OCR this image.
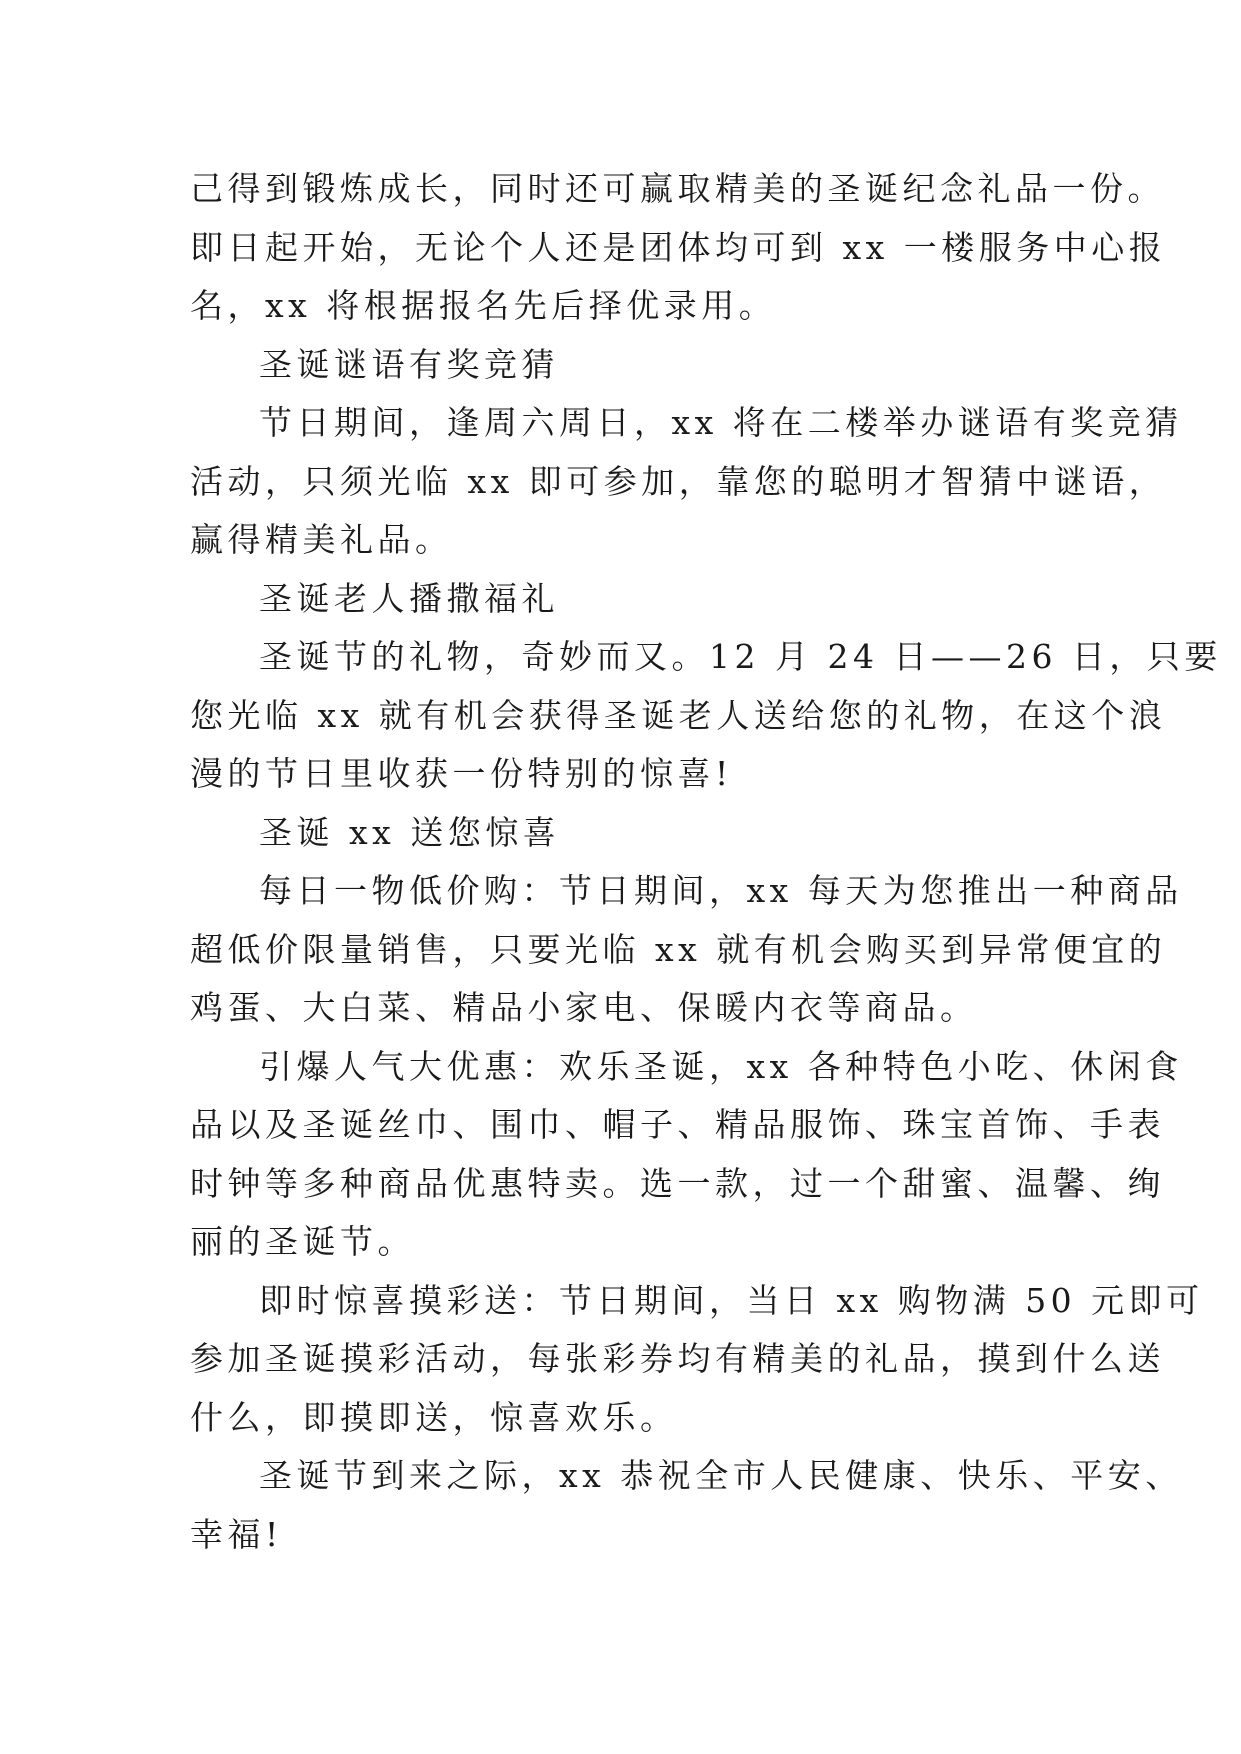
己得到锻炼成长，同时还可赢取精美的圣诞纪念礼品一份。
即日起开始，无论个人还是团体均可到 xx 一楼服务中心报
名，xx 将根据报名先后择优录用。
圣诞谜语有奖竞猜
节日期间，逢周六周日，xx 将在二楼举办谜语有奖竞猜
活动，只须光临 xx 即可参加，靠您的聪明才智猜中谜语，
赢得精美礼品。
圣诞老人播撒福礼
圣诞节的礼物，奇妙而又。12 月 24 日——26 日，只要
您光临 xx 就有机会获得圣诞老人送给您的礼物，在这个浪
漫的节日里收获一份特别的惊喜!
圣诞 xx 送您惊喜
每日一物低价购：节日期间，xx 每天为您推出一种商品
超低价限量销售，只要光临 xx 就有机会购买到异常便宜的
鸡蛋、大白菜、精品小家电、保暖内衣等商品。
引爆人气大优惠：欢乐圣诞，xx 各种特色小吃、休闲食
品以及圣诞丝巾、围巾、帽子、精品服饰、珠宝首饰、手表
时钟等多种商品优惠特卖。选一款，过一个甜蜜、温馨、绚
丽的圣诞节。
即时惊喜摸彩送：节日期间，当日 xx 购物满 50 元即可
参加圣诞摸彩活动，每张彩券均有精美的礼品，摸到什么送
什么，即摸即送，惊喜欢乐。
圣诞节到来之际，xx 恭祝全市人民健康、快乐、平安、
幸福!
